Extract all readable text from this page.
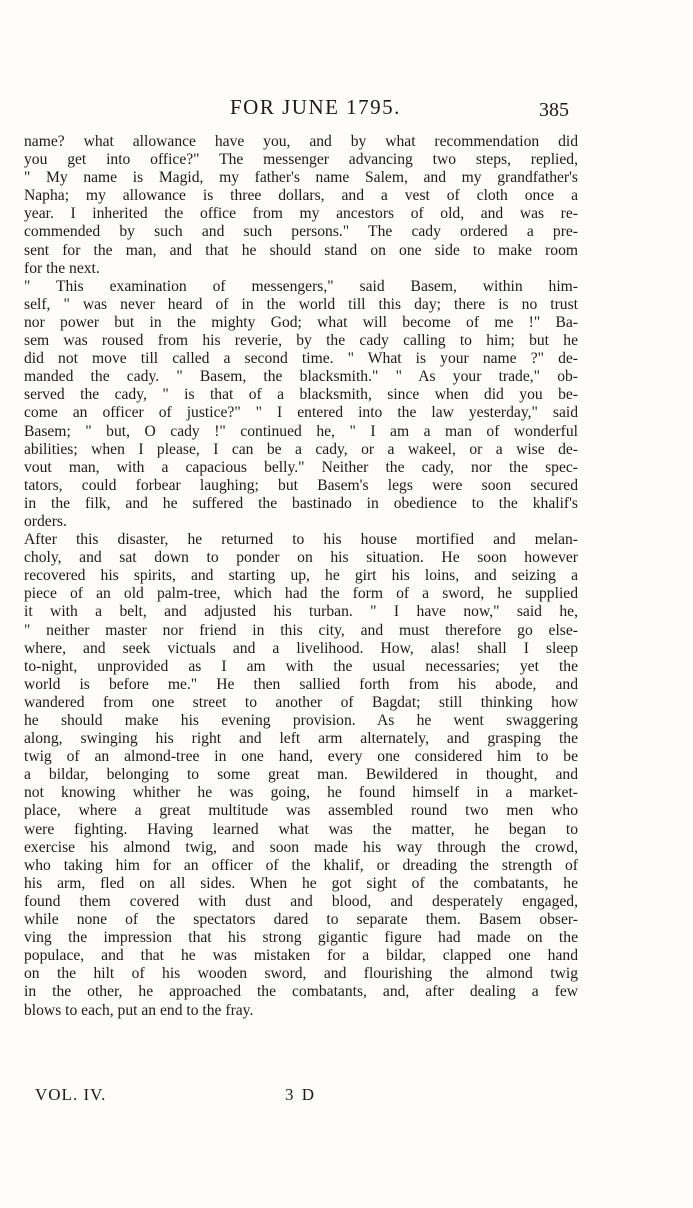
FOR JUNE 1795.	385
name? what allowance have you, and by what recommendation did
you get into office?" The messenger advancing two steps, replied,
" My name is Magid, my father's name Salem, and my grandfather's
Napha; my allowance is three dollars, and a vest of cloth once a
year. I inherited the office from my ancestors of old, and was re-
commended by such and such persons." The cady ordered a pre-
sent for the man, and that he should stand on one side to make room
for the next.
" This examination of messengers," said Basem, within him-
self, " was never heard of in the world till this day; there is no trust
nor power but in the mighty God; what will become of me !" Ba-
sem was roused from his reverie, by the cady calling to him; but he
did not move till called a second time. " What is your name ?" de-
manded the cady. " Basem, the blacksmith." " As your trade," ob-
served the cady, " is that of a blacksmith, since when did you be-
come an officer of justice?" " I entered into the law yesterday," said
Basem; " but, O cady !" continued he, " I am a man of wonderful
abilities; when I please, I can be a cady, or a wakeel, or a wise de-
vout man, with a capacious belly." Neither the cady, nor the spec-
tators, could forbear laughing; but Basem's legs were soon secured
in the filk, and he suffered the bastinado in obedience to the khalif's
orders.
After this disaster, he returned to his house mortified and melan-
choly, and sat down to ponder on his situation. He soon however
recovered his spirits, and starting up, he girt his loins, and seizing a
piece of an old palm-tree, which had the form of a sword, he supplied
it with a belt, and adjusted his turban. " I have now," said he,
" neither master nor friend in this city, and must therefore go else-
where, and seek victuals and a livelihood. How, alas! shall I sleep
to-night, unprovided as I am with the usual necessaries; yet the
world is before me." He then sallied forth from his abode, and
wandered from one street to another of Bagdat; still thinking how
he should make his evening provision. As he went swaggering
along, swinging his right and left arm alternately, and grasping the
twig of an almond-tree in one hand, every one considered him to be
a bildar, belonging to some great man. Bewildered in thought, and
not knowing whither he was going, he found himself in a market-
place, where a great multitude was assembled round two men who
were fighting. Having learned what was the matter, he began to
exercise his almond twig, and soon made his way through the crowd,
who taking him for an officer of the khalif, or dreading the strength of
his arm, fled on all sides. When he got sight of the combatants, he
found them covered with dust and blood, and desperately engaged,
while none of the spectators dared to separate them. Basem obser-
ving the impression that his strong gigantic figure had made on the
populace, and that he was mistaken for a bildar, clapped one hand
on the hilt of his wooden sword, and flourishing the almond twig
in the other, he approached the combatants, and, after dealing a few
blows to each, put an end to the fray.
VOL. IV.	3 D
